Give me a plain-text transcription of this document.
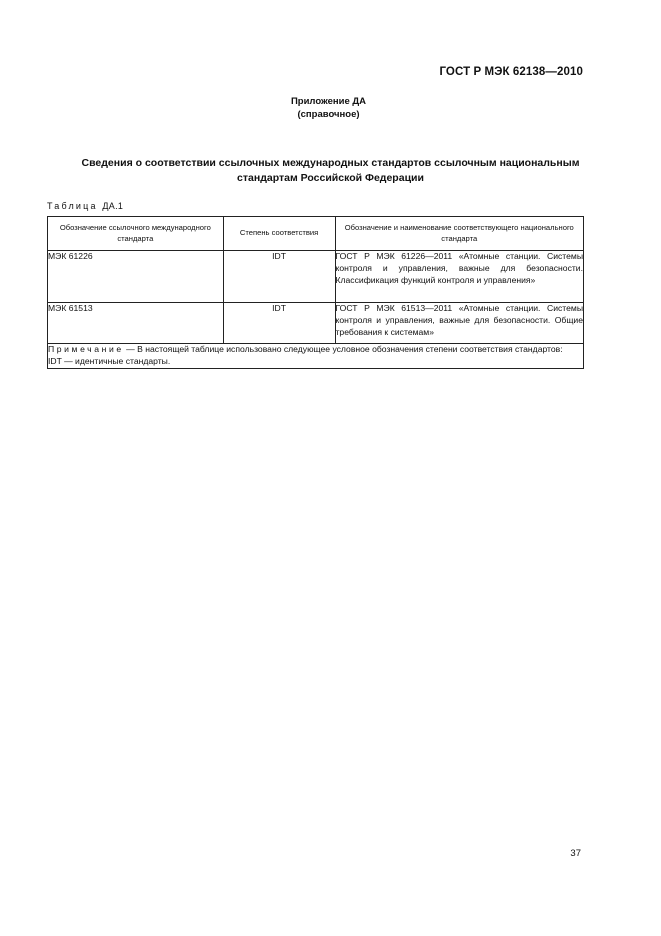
ГОСТ Р МЭК 62138—2010
Приложение ДА
(справочное)
Сведения о соответствии ссылочных международных стандартов ссылочным национальным
стандартам Российской Федерации
Таблица ДА.1
Обозначение ссылочного международного стандарта	Степень соответствия	Обозначение и наименование соответствующего национального стандарта
МЭК 61226	IDT	ГОСТ Р МЭК 61226—2011 «Атомные станции. Системы контроля и управления, важные для безопасности. Классификация функций контроля и управления»
МЭК 61513	IDT	ГОСТ Р МЭК 61513—2011 «Атомные станции. Системы контроля и управления, важные для безопасности. Общие требования к системам»

Примечание — В настоящей таблице использовано следующее условное обозначения степени соответствия стандартов:
IDT — идентичные стандарты.		
37
